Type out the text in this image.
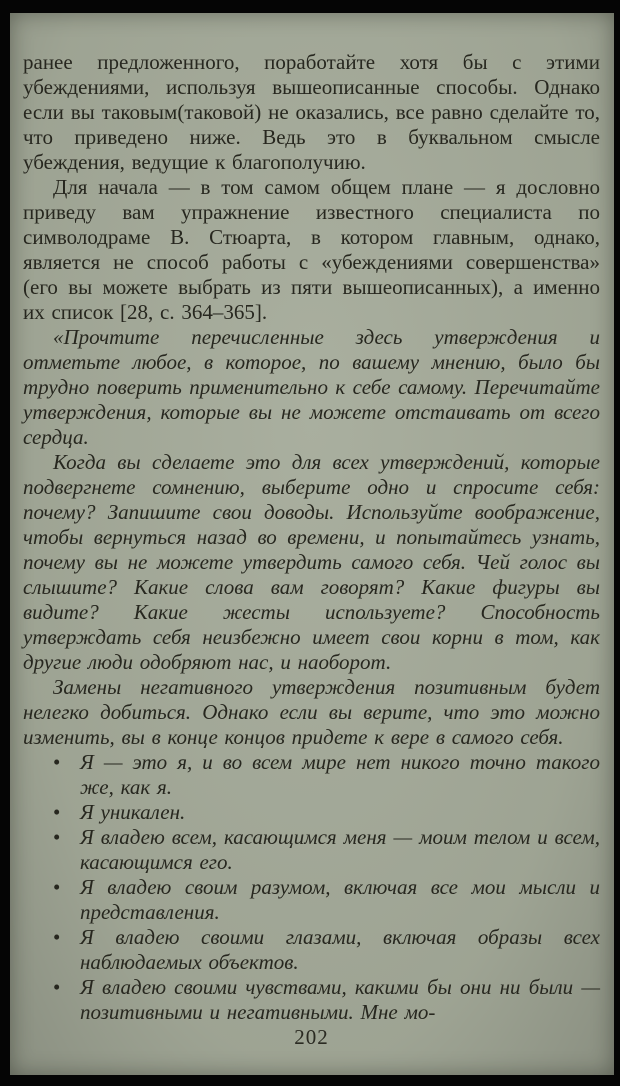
ранее предложенного, поработайте хотя бы с этими убеждениями, используя вышеописанные способы. Однако если вы таковым(таковой) не оказались, все равно сделайте то, что приведено ниже. Ведь это в буквальном смысле убеждения, ведущие к благополучию.

Для начала — в том самом общем плане — я дословно приведу вам упражнение известного специалиста по символодраме В. Стюарта, в котором главным, однако, является не способ работы с «убеждениями совершенства» (его вы можете выбрать из пяти вышеописанных), а именно их список [28, с. 364–365].

«Прочтите перечисленные здесь утверждения и отметьте любое, в которое, по вашему мнению, было бы трудно поверить применительно к себе самому. Перечитайте утверждения, которые вы не можете отстаивать от всего сердца.

Когда вы сделаете это для всех утверждений, которые подвергнете сомнению, выберите одно и спросите себя: почему? Запишите свои доводы. Используйте воображение, чтобы вернуться назад во времени, и попытайтесь узнать, почему вы не можете утвердить самого себя. Чей голос вы слышите? Какие слова вам говорят? Какие фигуры вы видите? Какие жесты используете? Способность утверждать себя неизбежно имеет свои корни в том, как другие люди одобряют нас, и наоборот.

Замены негативного утверждения позитивным будет нелегко добиться. Однако если вы верите, что это можно изменить, вы в конце концов придете к вере в самого себя.

• Я — это я, и во всем мире нет никого точно такого же, как я.
• Я уникален.
• Я владею всем, касающимся меня — моим телом и всем, касающимся его.
• Я владею своим разумом, включая все мои мысли и представления.
• Я владею своими глазами, включая образы всех наблюдаемых объектов.
• Я владею своими чувствами, какими бы они ни были — позитивными и негативными. Мне мо-
202
